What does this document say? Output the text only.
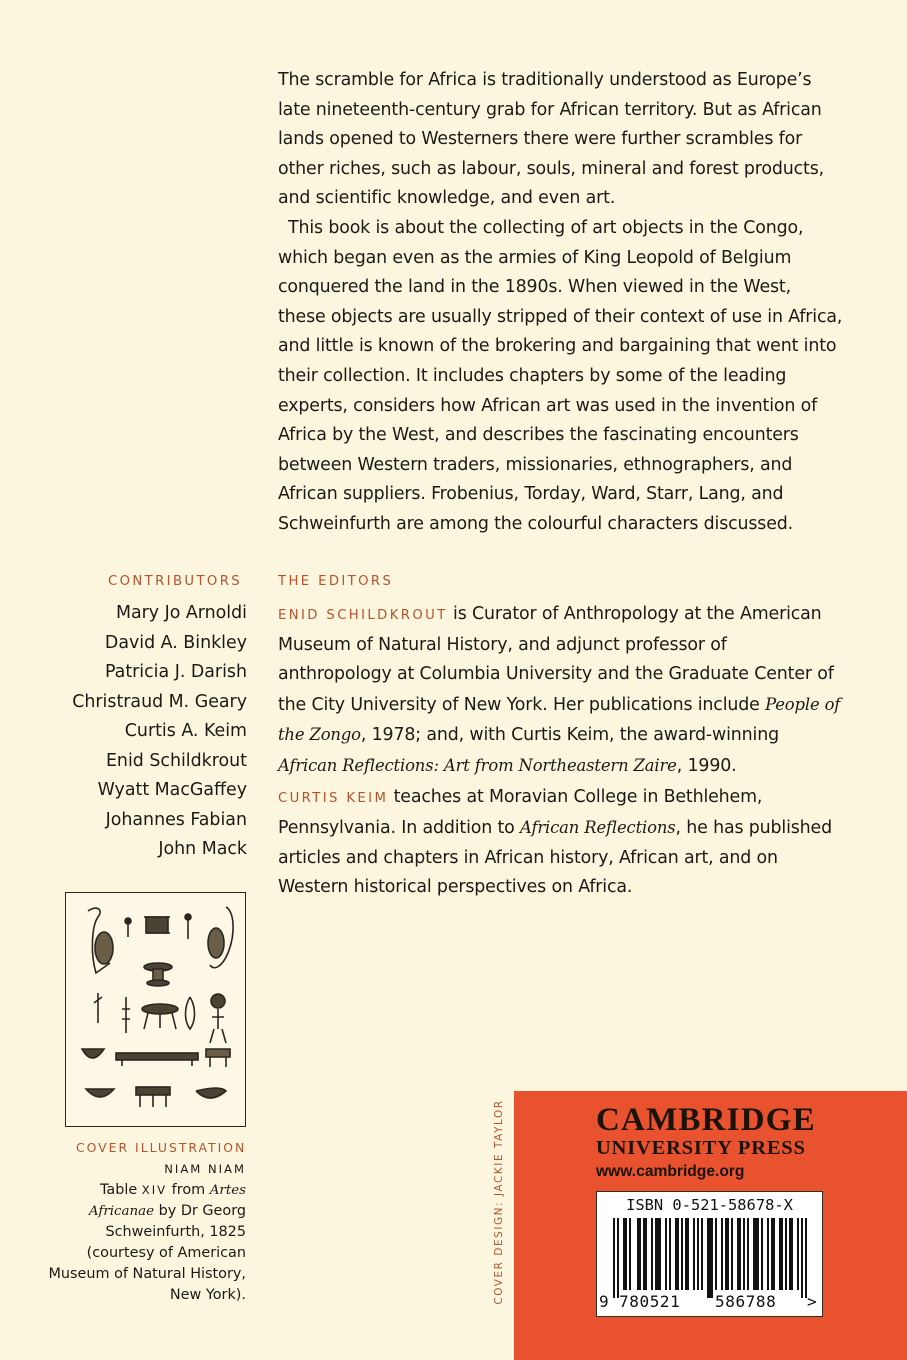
The scramble for Africa is traditionally understood as Europe’s late nineteenth-century grab for African territory. But as African lands opened to Westerners there were further scrambles for other riches, such as labour, souls, mineral and forest products, and scientific knowledge, and even art.

This book is about the collecting of art objects in the Congo, which began even as the armies of King Leopold of Belgium conquered the land in the 1890s. When viewed in the West, these objects are usually stripped of their context of use in Africa, and little is known of the brokering and bargaining that went into their collection. It includes chapters by some of the leading experts, considers how African art was used in the invention of Africa by the West, and describes the fascinating encounters between Western traders, missionaries, ethnographers, and African suppliers. Frobenius, Torday, Ward, Starr, Lang, and Schweinfurth are among the colourful characters discussed.

CONTRIBUTORS
Mary Jo Arnoldi
David A. Binkley
Patricia J. Darish
Christraud M. Geary
Curtis A. Keim
Enid Schildkrout
Wyatt MacGaffey
Johannes Fabian
John Mack
THE EDITORS

ENID SCHILDKROUT is Curator of Anthropology at the American Museum of Natural History, and adjunct professor of anthropology at Columbia University and the Graduate Center of the City University of New York. Her publications include People of the Zongo, 1978; and, with Curtis Keim, the award-winning African Reflections: Art from Northeastern Zaire, 1990.

CURTIS KEIM teaches at Moravian College in Bethlehem, Pennsylvania. In addition to African Reflections, he has published articles and chapters in African history, African art, and on Western historical perspectives on Africa.

COVER ILLUSTRATION
NIAM NIAM
Table XIV from Artes Africanae by Dr Georg Schweinfurth, 1825 (courtesy of American Museum of Natural History, New York).	COVER DESIGN: JACKIE TAYLOR	CAMBRIDGE
UNIVERSITY PRESS
www.cambridge.org
ISBN 0-521-58678-X
9 780521 586788 >
